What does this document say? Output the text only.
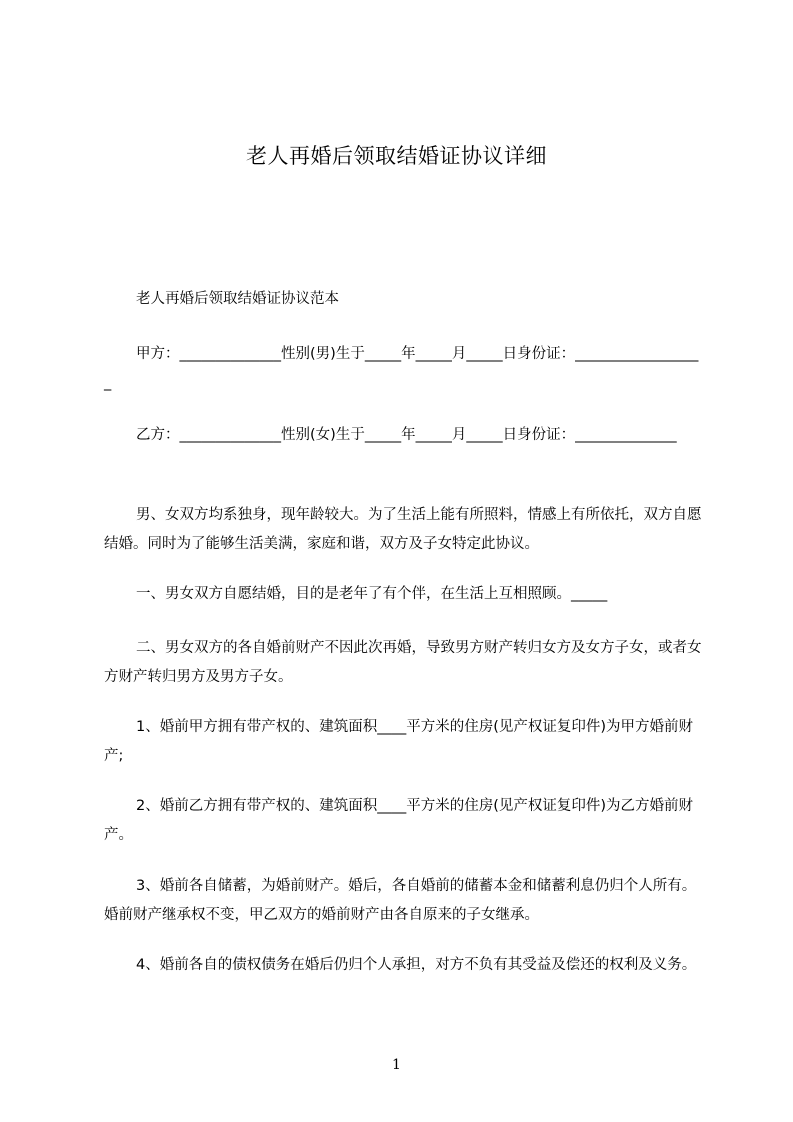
老人再婚后领取结婚证协议详细
老人再婚后领取结婚证协议范本
甲方：______________性别(男)生于_____年_____月_____日身份证：__________________
乙方：______________性别(女)生于_____年_____月_____日身份证：______________
男、女双方均系独身，现年龄较大。为了生活上能有所照料，情感上有所依托，双方自愿结婚。同时为了能够生活美满，家庭和谐，双方及子女特定此协议。
一、男女双方自愿结婚，目的是老年了有个伴，在生活上互相照顾。_____
二、男女双方的各自婚前财产不因此次再婚，导致男方财产转归女方及女方子女，或者女方财产转归男方及男方子女。
1、婚前甲方拥有带产权的、建筑面积____平方米的住房(见产权证复印件)为甲方婚前财产;
2、婚前乙方拥有带产权的、建筑面积____平方米的住房(见产权证复印件)为乙方婚前财产。
3、婚前各自储蓄，为婚前财产。婚后，各自婚前的储蓄本金和储蓄利息仍归个人所有。婚前财产继承权不变，甲乙双方的婚前财产由各自原来的子女继承。
4、婚前各自的债权债务在婚后仍归个人承担，对方不负有其受益及偿还的权利及义务。
1
